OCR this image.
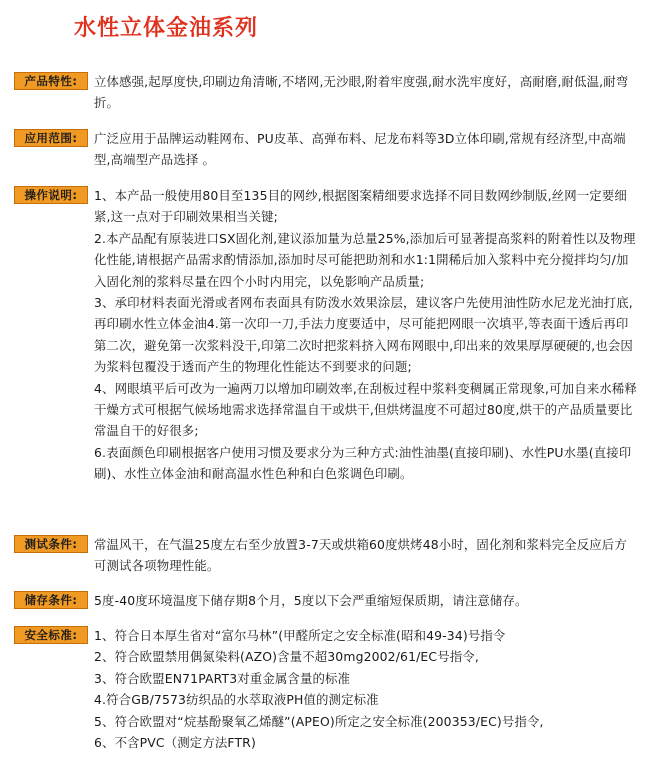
水性立体金油系列
产品特性:	立体感强,起厚度快,印刷边角清晰,不堵网,无沙眼,附着牢度强,耐水洗牢度好，高耐磨,耐低温,耐弯折。

应用范围:	广泛应用于品牌运动鞋网布、PU皮革、高弹布料、尼龙布料等3D立体印刷,常规有经济型,中高端型,高端型产品选择 。

操作说明:	1、本产品一般使用80目至135目的网纱,根据图案精细要求选择不同目数网纱制版,丝网一定要细紧,这一点对于印刷效果相当关键;

2.本产品配有原装进口SX固化剂,建议添加量为总量25%,添加后可显著提高浆料的附着性以及物理化性能,请根据产品需求酌情添加,添加时尽可能把助剂和水1:1開稀后加入浆料中充分搅拌均匀/加入固化剂的浆料尽量在四个小时内用完，以免影响产品质量;

3、承印材料表面光滑或者网布表面具有防泼水效果涂层，建议客户先使用油性防水尼龙光油打底,再印刷水性立体金油4.第一次印一刀,手法力度要适中，尽可能把网眼一次填平,等表面干透后再印第二次，避免第一次浆料没干,印第二次时把浆料挤入网布网眼中,印出来的效果厚厚硬硬的,也会因为浆料包覆没于透而产生的物理化性能达不到要求的问题;

4、网眼填平后可改为一遍两刀以增加印刷效率,在刮板过程中浆料变稠属正常现象,可加自来水稀释干燥方式可根据气候场地需求选择常温自干或烘干,但烘烤温度不可超过80度,烘干的产品质量要比常温自干的好很多;

6.表面颜色印刷根据客户使用习惯及要求分为三种方式:油性油墨(直接印刷)、水性PU水墨(直接印刷)、水性立体金油和耐高温水性色种和白色浆调色印刷。

测试条件:	常温风干，在气温25度左右至少放置3-7天或烘箱60度烘烤48小时，固化剂和浆料完全反应后方可测试各项物理性能。

储存条件:	5度-40度环境温度下储存期8个月，5度以下会严重缩短保质期，请注意储存。

安全标准:	1、符合日本厚生省对“富尔马林”(甲醛所定之安全标准(昭和49-34)号指令

2、符合欧盟禁用偶氮染料(AZO)含量不超30mg2002/61/EC号指令,

3、符合欧盟EN71PART3对重金属含量的标准

4.符合GB/7573纺织品的水萃取液PH值的测定标准

5、符合欧盟对“烷基酚聚氧乙烯醚”(APEO)所定之安全标准(200353/EC)号指令,

6、不含PVC（测定方法FTR)
